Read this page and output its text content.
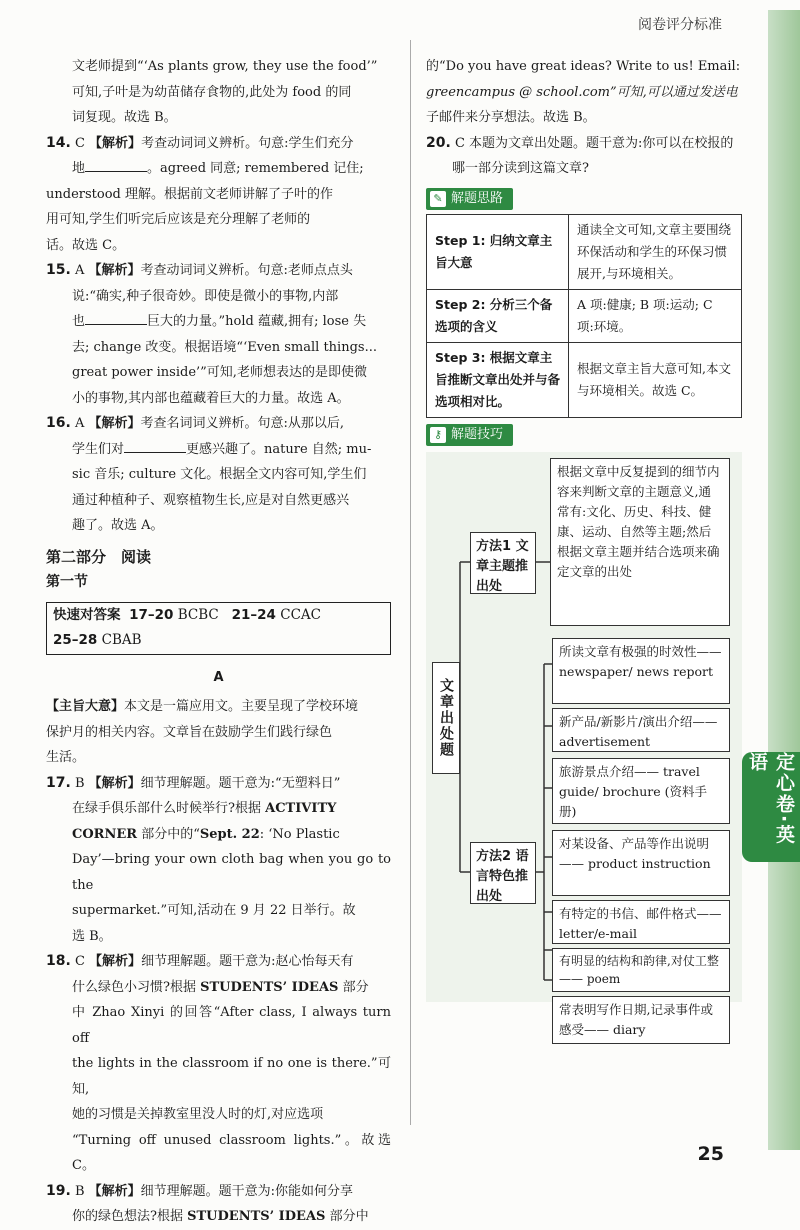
阅卷评分标准
定心卷·英语
25

文老师提到“‘As plants grow, they use the food’”

可知,子叶是为幼苗储存食物的,此处为 food 的同

词复现。故选 B。

14. C 【解析】考查动词词义辨析。句意:学生们充分

地	。agreed 同意; remembered 记住;

understood 理解。根据前文老师讲解了子叶的作

用可知,学生们听完后应该是充分理解了老师的

话。故选 C。

15. A 【解析】考查动词词义辨析。句意:老师点点头

说:“确实,种子很奇妙。即使是微小的事物,内部

也	巨大的力量。”hold 蕴藏,拥有; lose 失

去; change 改变。根据语境“‘Even small things...

great power inside’”可知,老师想表达的是即使微

小的事物,其内部也蕴藏着巨大的力量。故选 A。

16. A 【解析】考查名词词义辨析。句意:从那以后,

学生们对	更感兴趣了。nature 自然; mu-

sic 音乐; culture 文化。根据全文内容可知,学生们

通过种植种子、观察植物生长,应是对自然更感兴

趣了。故选 A。

第二部分　阅读

第一节

快速对答案 17–20 BCBC 21–24 CCAC
25–28 CBAB

A

【主旨大意】本文是一篇应用文。主要呈现了学校环境

保护月的相关内容。文章旨在鼓励学生们践行绿色

生活。

17. B 【解析】细节理解题。题干意为:“无塑料日”

在绿手俱乐部什么时候举行?根据 ACTIVITY

CORNER 部分中的“Sept. 22: ‘No Plastic

Day’—bring your own cloth bag when you go to the

supermarket.”可知,活动在 9 月 22 日举行。故

选 B。

18. C 【解析】细节理解题。题干意为:赵心怡每天有

什么绿色小习惯?根据 STUDENTS’ IDEAS 部分

中 Zhao Xinyi 的回答“After class, I always turn off

the lights in the classroom if no one is there.”可知,

她的习惯是关掉教室里没人时的灯,对应选项

“Turning off unused classroom lights.”。故选 C。

19. B 【解析】细节理解题。题干意为:你能如何分享

你的绿色想法?根据 STUDENTS’ IDEAS 部分中

的“Do you have great ideas? Write to us! Email:

greencampus @ school.com”可知,可以通过发送电

子邮件来分享想法。故选 B。

20. C 本题为文章出处题。题干意为:你可以在校报的

哪一部分读到这篇文章?

✎ 解题思路
Step 1: 归纳文章主旨大意	通读全文可知,文章主要围绕环保活动和学生的环保习惯展开,与环境相关。
Step 2: 分析三个备选项的含义	A 项:健康; B 项:运动; C 项:环境。
Step 3: 根据文章主旨推断文章出处并与备选项相对比。	根据文章主旨大意可知,本文与环境相关。故选 C。
⚷ 解题技巧
文章出处题
方法1 文章主题推出处
根据文章中反复提到的细节内容来判断文章的主题意义,通常有:文化、历史、科技、健康、运动、自然等主题;然后根据文章主题并结合选项来确定文章的出处
方法2 语言特色推出处
所读文章有极强的时效性—— newspaper/ news report
新产品/新影片/演出介绍—— advertisement
旅游景点介绍—— travel guide/ brochure (资料手册)
对某设备、产品等作出说明—— product instruction
有特定的书信、邮件格式—— letter/e-mail
有明显的结构和韵律,对仗工整—— poem
常表明写作日期,记录事件或感受—— diary
